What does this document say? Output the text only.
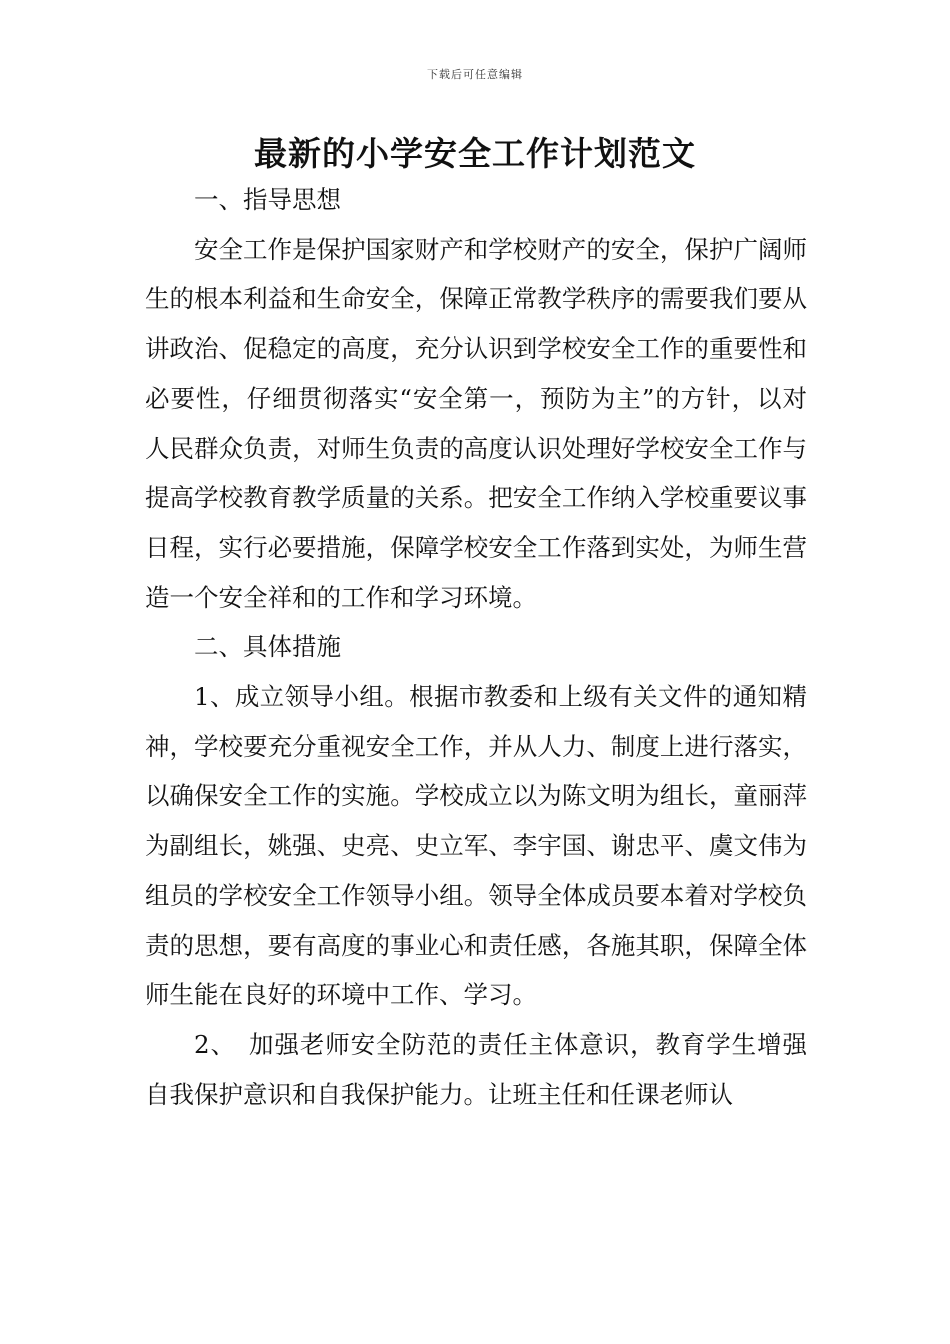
下载后可任意编辑
最新的小学安全工作计划范文

一、指导思想

安全工作是保护国家财产和学校财产的安全，保护广阔师生的根本利益和生命安全，保障正常教学秩序的需要我们要从讲政治、促稳定的高度，充分认识到学校安全工作的重要性和必要性，仔细贯彻落实“安全第一，预防为主”的方针，以对人民群众负责，对师生负责的高度认识处理好学校安全工作与提高学校教育教学质量的关系。把安全工作纳入学校重要议事日程，实行必要措施，保障学校安全工作落到实处，为师生营造一个安全祥和的工作和学习环境。

二、具体措施

1、成立领导小组。根据市教委和上级有关文件的通知精神，学校要充分重视安全工作，并从人力、制度上进行落实，以确保安全工作的实施。学校成立以为陈文明为组长，童丽萍为副组长，姚强、史亮、史立军、李宇国、谢忠平、虞文伟为组员的学校安全工作领导小组。领导全体成员要本着对学校负责的思想，要有高度的事业心和责任感，各施其职，保障全体师生能在良好的环境中工作、学习。

2、　加强老师安全防范的责任主体意识，教育学生增强自我保护意识和自我保护能力。让班主任和任课老师认
